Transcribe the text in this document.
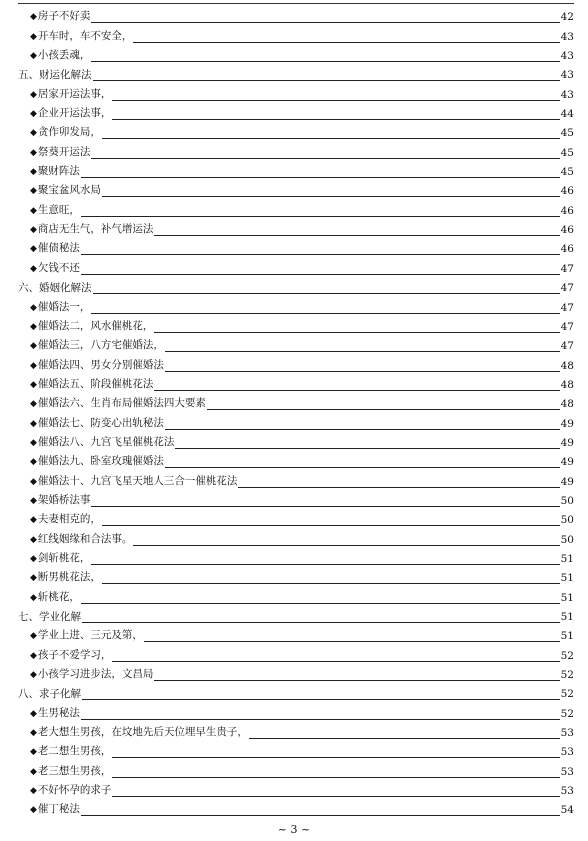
◆房子不好卖	42
◆开车时，车不安全，	43
◆小孩丢魂，	43
五、财运化解法	43
◆居家开运法事，	43
◆企业开运法事，	44
◆贪作卯发局，	45
◆祭葵开运法	45
◆聚财阵法	45
◆聚宝盆风水局	46
◆生意旺，	46
◆商店无生气，补气增运法	46
◆催债秘法	46
◆欠钱不还	47
六、婚姻化解法	47
◆催婚法一，	47
◆催婚法二，风水催桃花，	47
◆催婚法三，八方宅催婚法，	47
◆催婚法四、男女分别催婚法	48
◆催婚法五、阶段催桃花法	48
◆催婚法六、生肖布局催婚法四大要素	48
◆催婚法七、防变心出轨秘法	49
◆催婚法八、九宫飞星催桃花法	49
◆催婚法九、卧室玫瑰催婚法	49
◆催婚法十、九宫飞星天地人三合一催桃花法	49
◆架婚桥法事	50
◆夫妻相克的，	50
◆红线姻缘和合法事。	50
◆剑斩桃花，	51
◆断男桃花法，	51
◆斩桃花，	51
七、学业化解	51
◆学业上进、三元及第，	51
◆孩子不爱学习，	52
◆小孩学习进步法，文昌局	52
八、求子化解	52
◆生男秘法	52
◆老大想生男孩，在坟地先后天位埋早生贵子，	53
◆老二想生男孩，	53
◆老三想生男孩，	53
◆不好怀孕的求子	53
◆催丁秘法	54
~ 3 ~
